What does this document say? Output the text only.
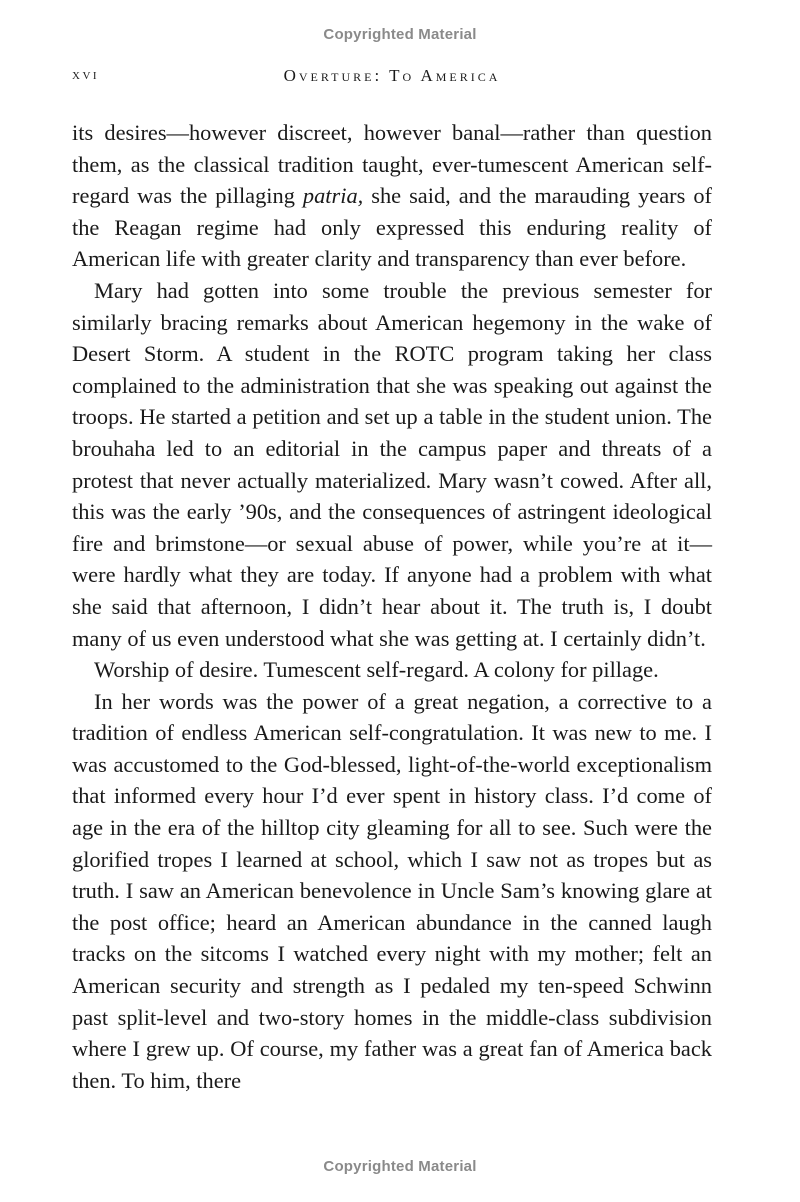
Copyrighted Material
xvi	Overture: To America

its desires—however discreet, however banal—rather than question them, as the classical tradition taught, ever-tumescent American self-regard was the pillaging patria, she said, and the marauding years of the Reagan regime had only expressed this enduring reality of American life with greater clarity and transparency than ever before.

Mary had gotten into some trouble the previous semester for similarly bracing remarks about American hegemony in the wake of Desert Storm. A student in the ROTC program taking her class complained to the administration that she was speaking out against the troops. He started a petition and set up a table in the student union. The brouhaha led to an editorial in the campus paper and threats of a protest that never actually materialized. Mary wasn’t cowed. After all, this was the early ’90s, and the consequences of astringent ideological fire and brimstone—or sexual abuse of power, while you’re at it—were hardly what they are today. If anyone had a problem with what she said that afternoon, I didn’t hear about it. The truth is, I doubt many of us even understood what she was getting at. I certainly didn’t.

Worship of desire. Tumescent self-regard. A colony for pillage.

In her words was the power of a great negation, a corrective to a tradition of endless American self-congratulation. It was new to me. I was accustomed to the God-blessed, light-of-the-world exceptionalism that informed every hour I’d ever spent in history class. I’d come of age in the era of the hilltop city gleaming for all to see. Such were the glorified tropes I learned at school, which I saw not as tropes but as truth. I saw an American benevolence in Uncle Sam’s knowing glare at the post office; heard an American abundance in the canned laugh tracks on the sitcoms I watched every night with my mother; felt an American security and strength as I pedaled my ten-speed Schwinn past split-level and two-story homes in the middle-class subdivision where I grew up. Of course, my father was a great fan of America back then. To him, there

Copyrighted Material
